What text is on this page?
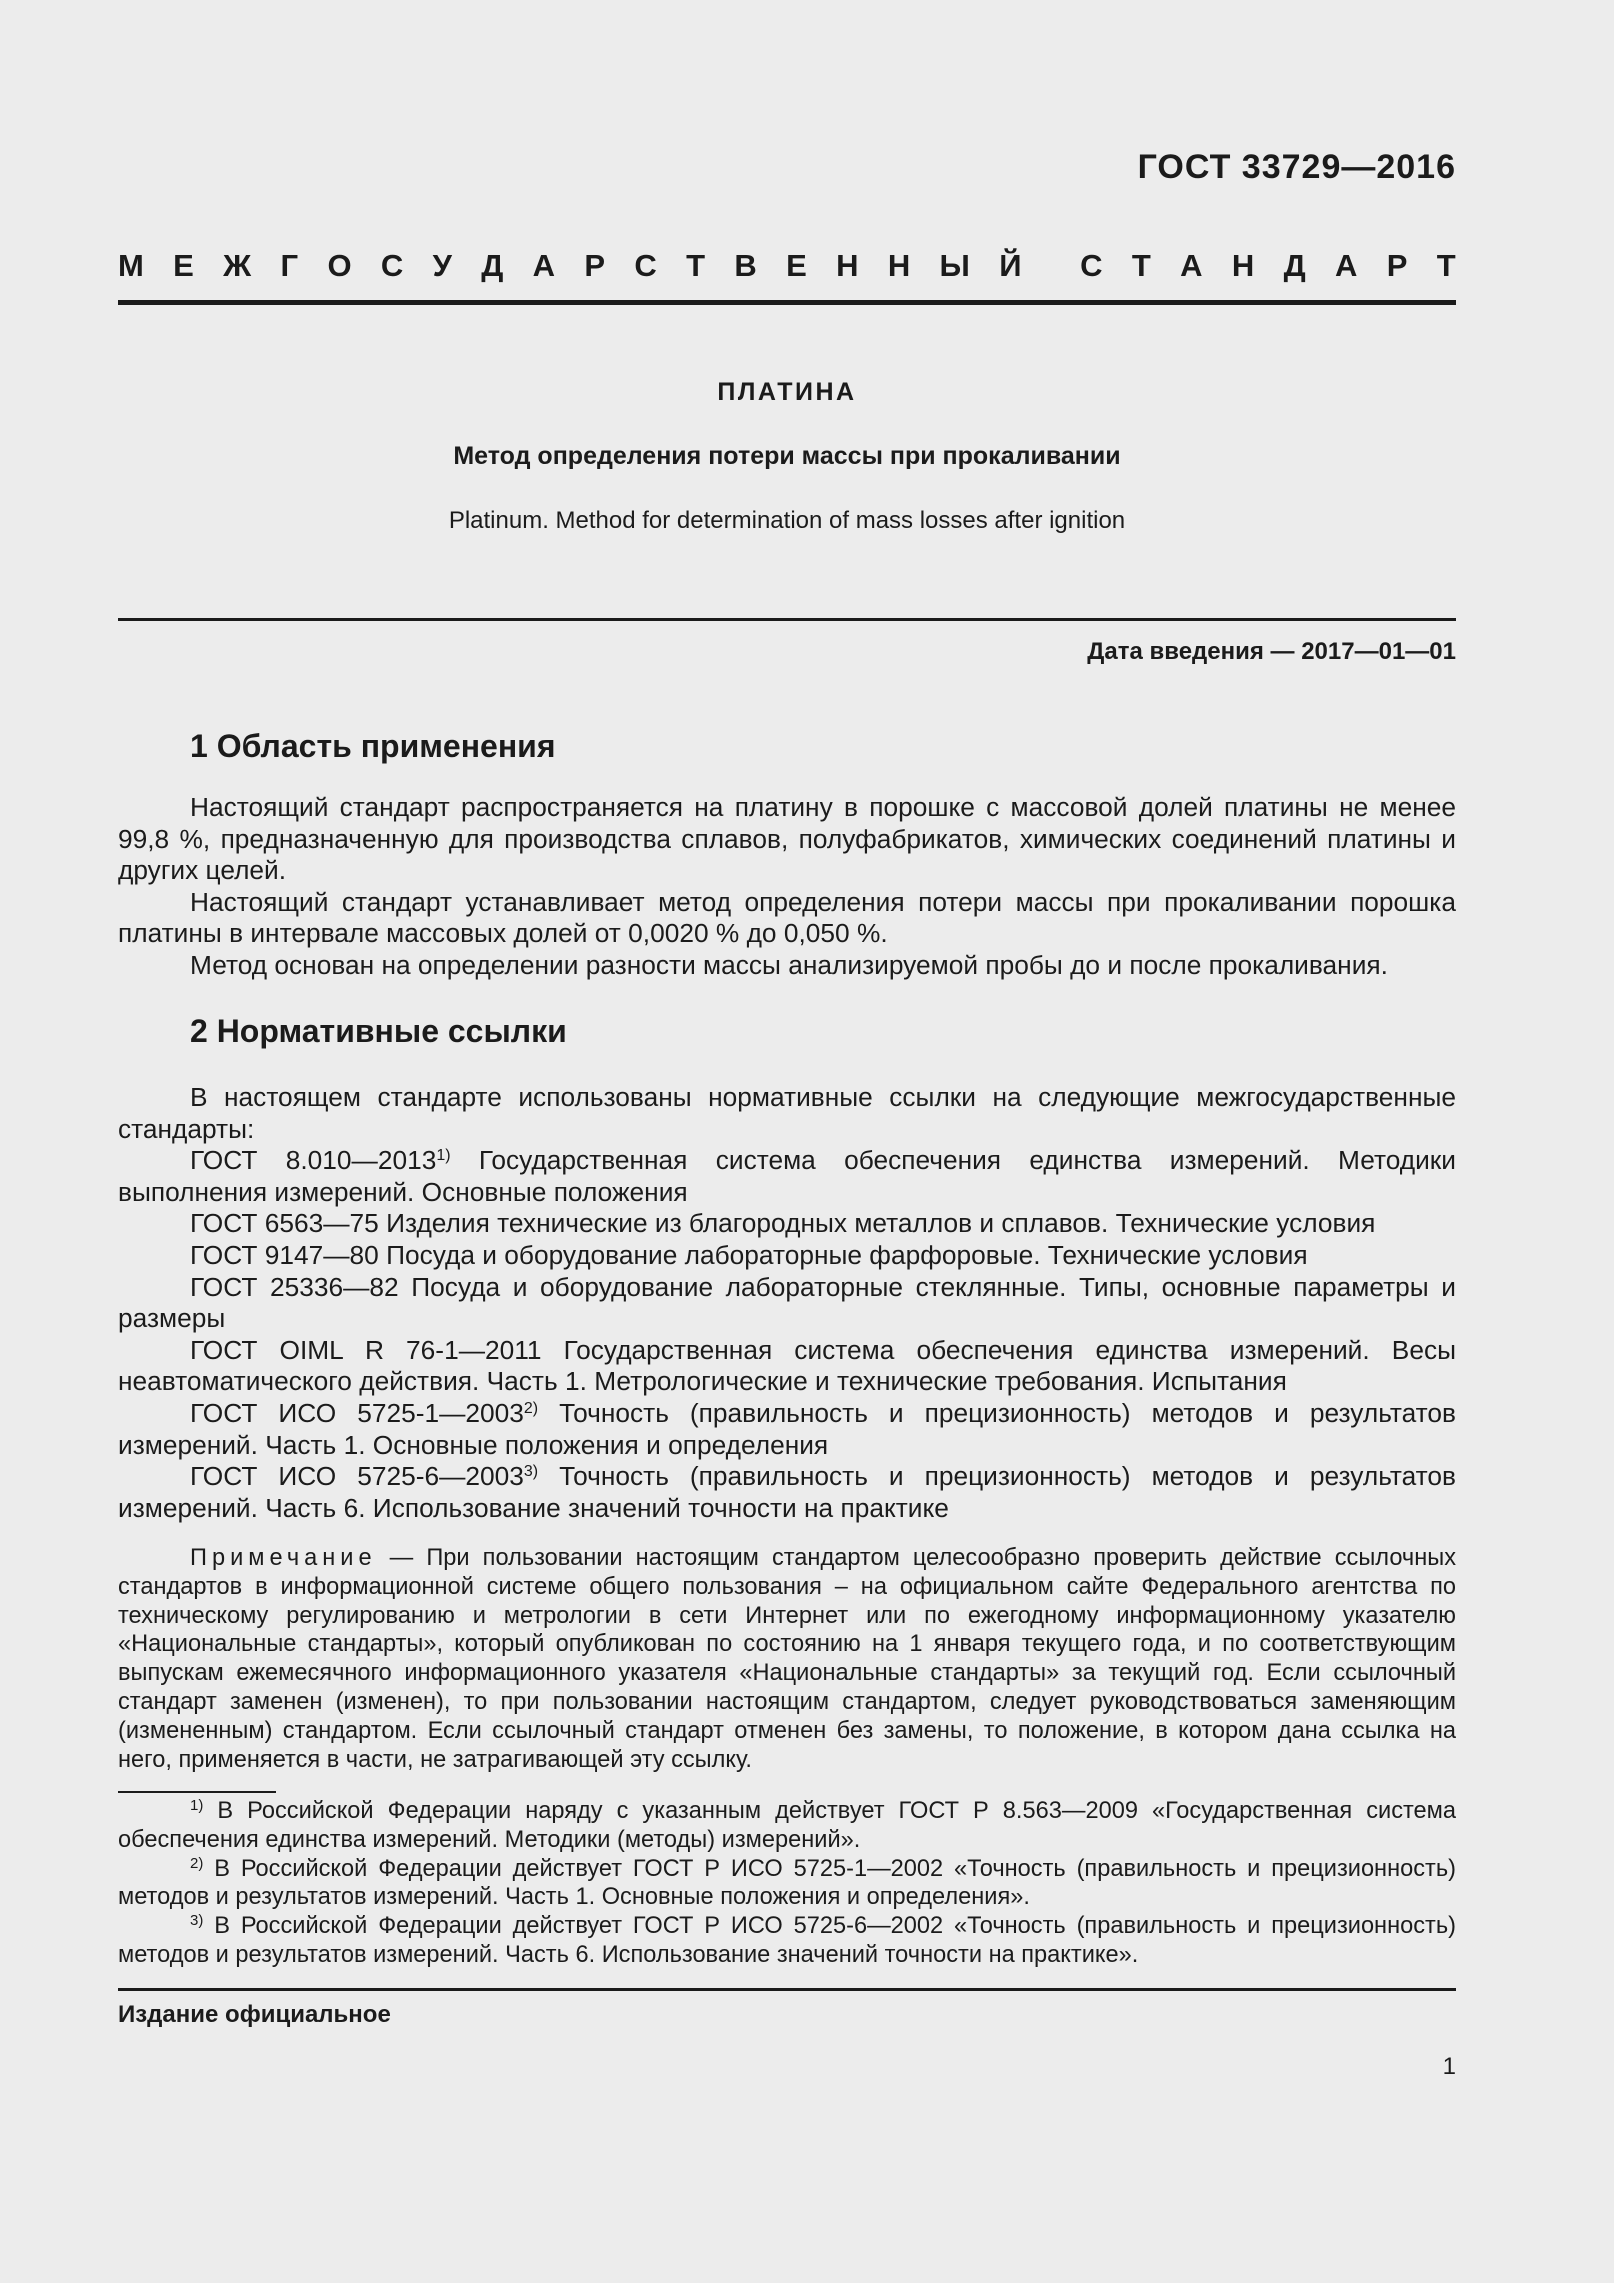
ГОСТ 33729—2016
М Е Ж Г О С У Д А Р С Т В Е Н Н Ы Й С Т А Н Д А Р Т
ПЛАТИНА
Метод определения потери массы при прокаливании
Platinum. Method for determination of mass losses after ignition
Дата введения — 2017—01—01
1 Область применения

Настоящий стандарт распространяется на платину в порошке с массовой долей платины не менее 99,8 %, предназначенную для производства сплавов, полуфабрикатов, химических соединений платины и других целей.

Настоящий стандарт устанавливает метод определения потери массы при прокаливании порошка платины в интервале массовых долей от 0,0020 % до 0,050 %.

Метод основан на определении разности массы анализируемой пробы до и после прокаливания.

2 Нормативные ссылки

В настоящем стандарте использованы нормативные ссылки на следующие межгосударственные стандарты:

ГОСТ 8.010—2013$^{1)}$ Государственная система обеспечения единства измерений. Методики выполнения измерений. Основные положения

ГОСТ 6563—75 Изделия технические из благородных металлов и сплавов. Технические условия

ГОСТ 9147—80 Посуда и оборудование лабораторные фарфоровые. Технические условия

ГОСТ 25336—82 Посуда и оборудование лабораторные стеклянные. Типы, основные параметры и размеры

ГОСТ OIML R 76-1—2011 Государственная система обеспечения единства измерений. Весы неавтоматического действия. Часть 1. Метрологические и технические требования. Испытания

ГОСТ ИСО 5725-1—2003$^{2)}$ Точность (правильность и прецизионность) методов и результатов измерений. Часть 1. Основные положения и определения

ГОСТ ИСО 5725-6—2003$^{3)}$ Точность (правильность и прецизионность) методов и результатов измерений. Часть 6. Использование значений точности на практике

Примечание — При пользовании настоящим стандартом целесообразно проверить действие ссылочных стандартов в информационной системе общего пользования – на официальном сайте Федерального агентства по техническому регулированию и метрологии в сети Интернет или по ежегодному информационному указателю «Национальные стандарты», который опубликован по состоянию на 1 января текущего года, и по соответствующим выпускам ежемесячного информационного указателя «Национальные стандарты» за текущий год. Если ссылочный стандарт заменен (изменен), то при пользовании настоящим стандартом, следует руководствоваться заменяющим (измененным) стандартом. Если ссылочный стандарт отменен без замены, то положение, в котором дана ссылка на него, применяется в части, не затрагивающей эту ссылку.

$^{1)}$ В Российской Федерации наряду с указанным действует ГОСТ Р 8.563—2009 «Государственная система обеспечения единства измерений. Методики (методы) измерений».

$^{2)}$ В Российской Федерации действует ГОСТ Р ИСО 5725-1—2002 «Точность (правильность и прецизионность) методов и результатов измерений. Часть 1. Основные положения и определения».

$^{3)}$ В Российской Федерации действует ГОСТ Р ИСО 5725-6—2002 «Точность (правильность и прецизионность) методов и результатов измерений. Часть 6. Использование значений точности на практике».

Издание официальное
1
